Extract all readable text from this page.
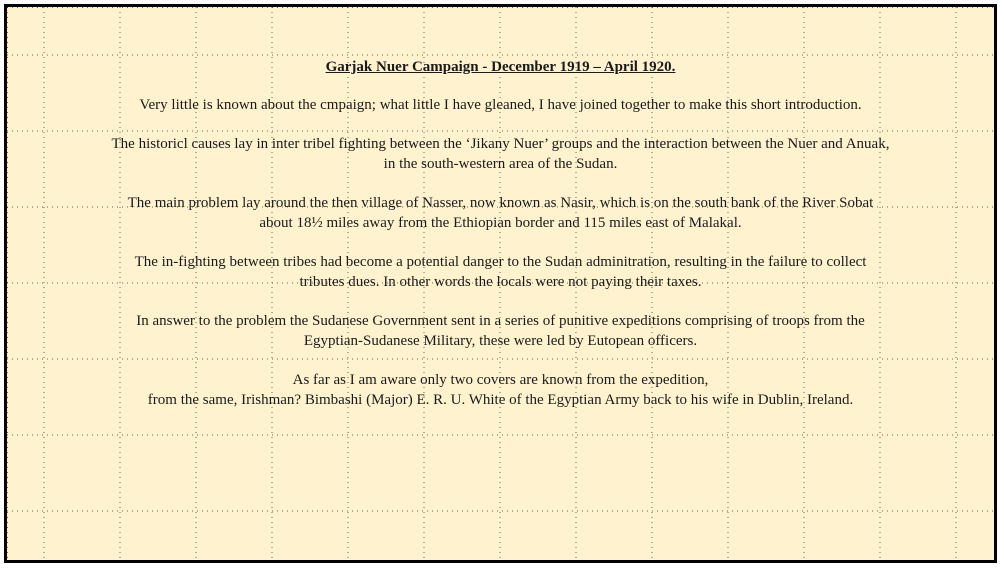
Garjak Nuer Campaign - December 1919 – April 1920.
Very little is known about the cmpaign; what little I have gleaned, I have joined together to make this short introduction.
The historicl causes lay in inter tribel fighting between the ‘Jikany Nuer’ groups and the interaction between the Nuer and Anuak,
in the south-western area of the Sudan.
The main problem lay around the then village of Nasser, now known as Nasir, which is on the south bank of the River Sobat
about 18½ miles away from the Ethiopian border and 115 miles east of Malakal.
The in-fighting between tribes had become a potential danger to the Sudan adminitration, resulting in the failure to collect
tributes dues. In other words the locals were not paying their taxes.
In answer to the problem the Sudanese Government sent in a series of punitive expeditions comprising of troops from the
Egyptian-Sudanese Military, these were led by Eutopean officers.
As far as I am aware only two covers are known from the expedition,
from the same, Irishman? Bimbashi (Major) E. R. U. White of the Egyptian Army back to his wife in Dublin, Ireland.
